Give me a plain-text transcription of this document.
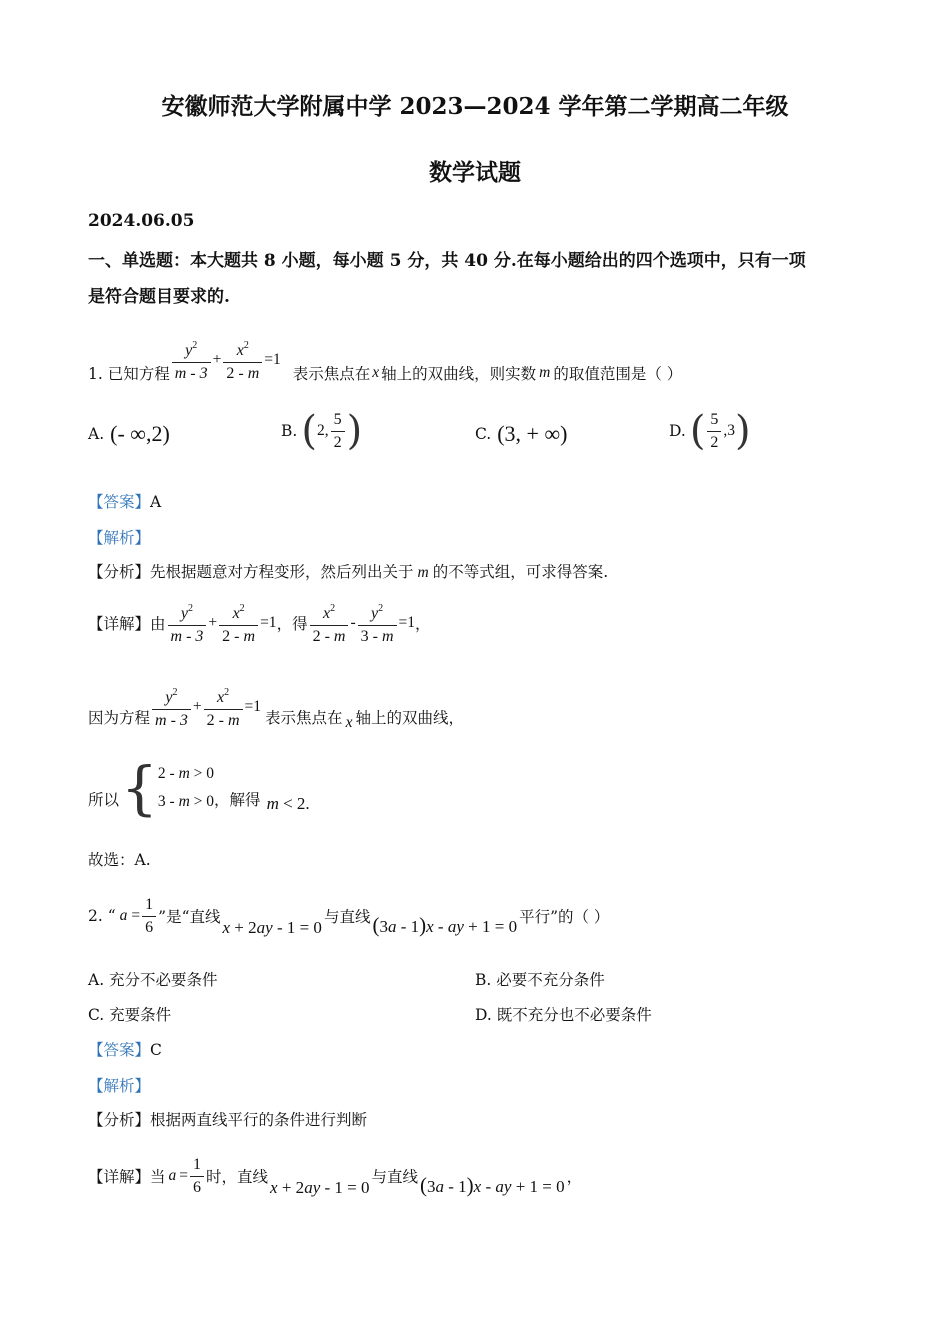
安徽师范大学附属中学 2023—2024 学年第二学期高二年级
数学试题
2024.06.05
一、单选题：本大题共 8 小题，每小题 5 分，共 40 分.在每小题给出的四个选项中，只有一项
是符合题目要求的.
1. 已知方程 $\frac{y^2}{m - 3} + \frac{x^2}{2 - m} =1$
表示焦点在 x 轴上的双曲线，则实数 m 的取值范围是（ ）
A. (- ∞,2)	B. ( 2, $\frac{5}{2}$ )	C. (3, + ∞)	D. ( $\frac{5}{2} ,3$ )
【答案】A
【解析】
【分析】先根据题意对方程变形，然后列出关于 m 的不等式组，可求得答案.
【详解】 由 $\frac{y^2}{m - 3} + \frac{x^2}{2 - m} =1$ ，得 $\frac{x^2}{2 - m} - \frac{y^2}{3 - m} =1$ ，
因为方程 $\frac{y^2}{m - 3} + \frac{x^2}{2 - m} =1$
表示焦点在 x 轴上的双曲线，
所以 { 2 - m > 0
3 - m > 0 ，解得 m < 2.
故选：A.
2. “ $a = \frac{1}{6}$ ”是“直线
x + 2ay - 1 = 0
与直线 (3a - 1)x - ay + 1 = 0 平行”的（ ）
A. 充分不必要条件	B. 必要不充分条件
C. 充要条件	D. 既不充分也不必要条件
【答案】C
【解析】
【分析】根据两直线平行的条件进行判断
【详解】 当 $a = \frac{1}{6}$ 时，直线
x + 2ay - 1 = 0
与直线 (3a - 1)x - ay + 1 = 0 ，
